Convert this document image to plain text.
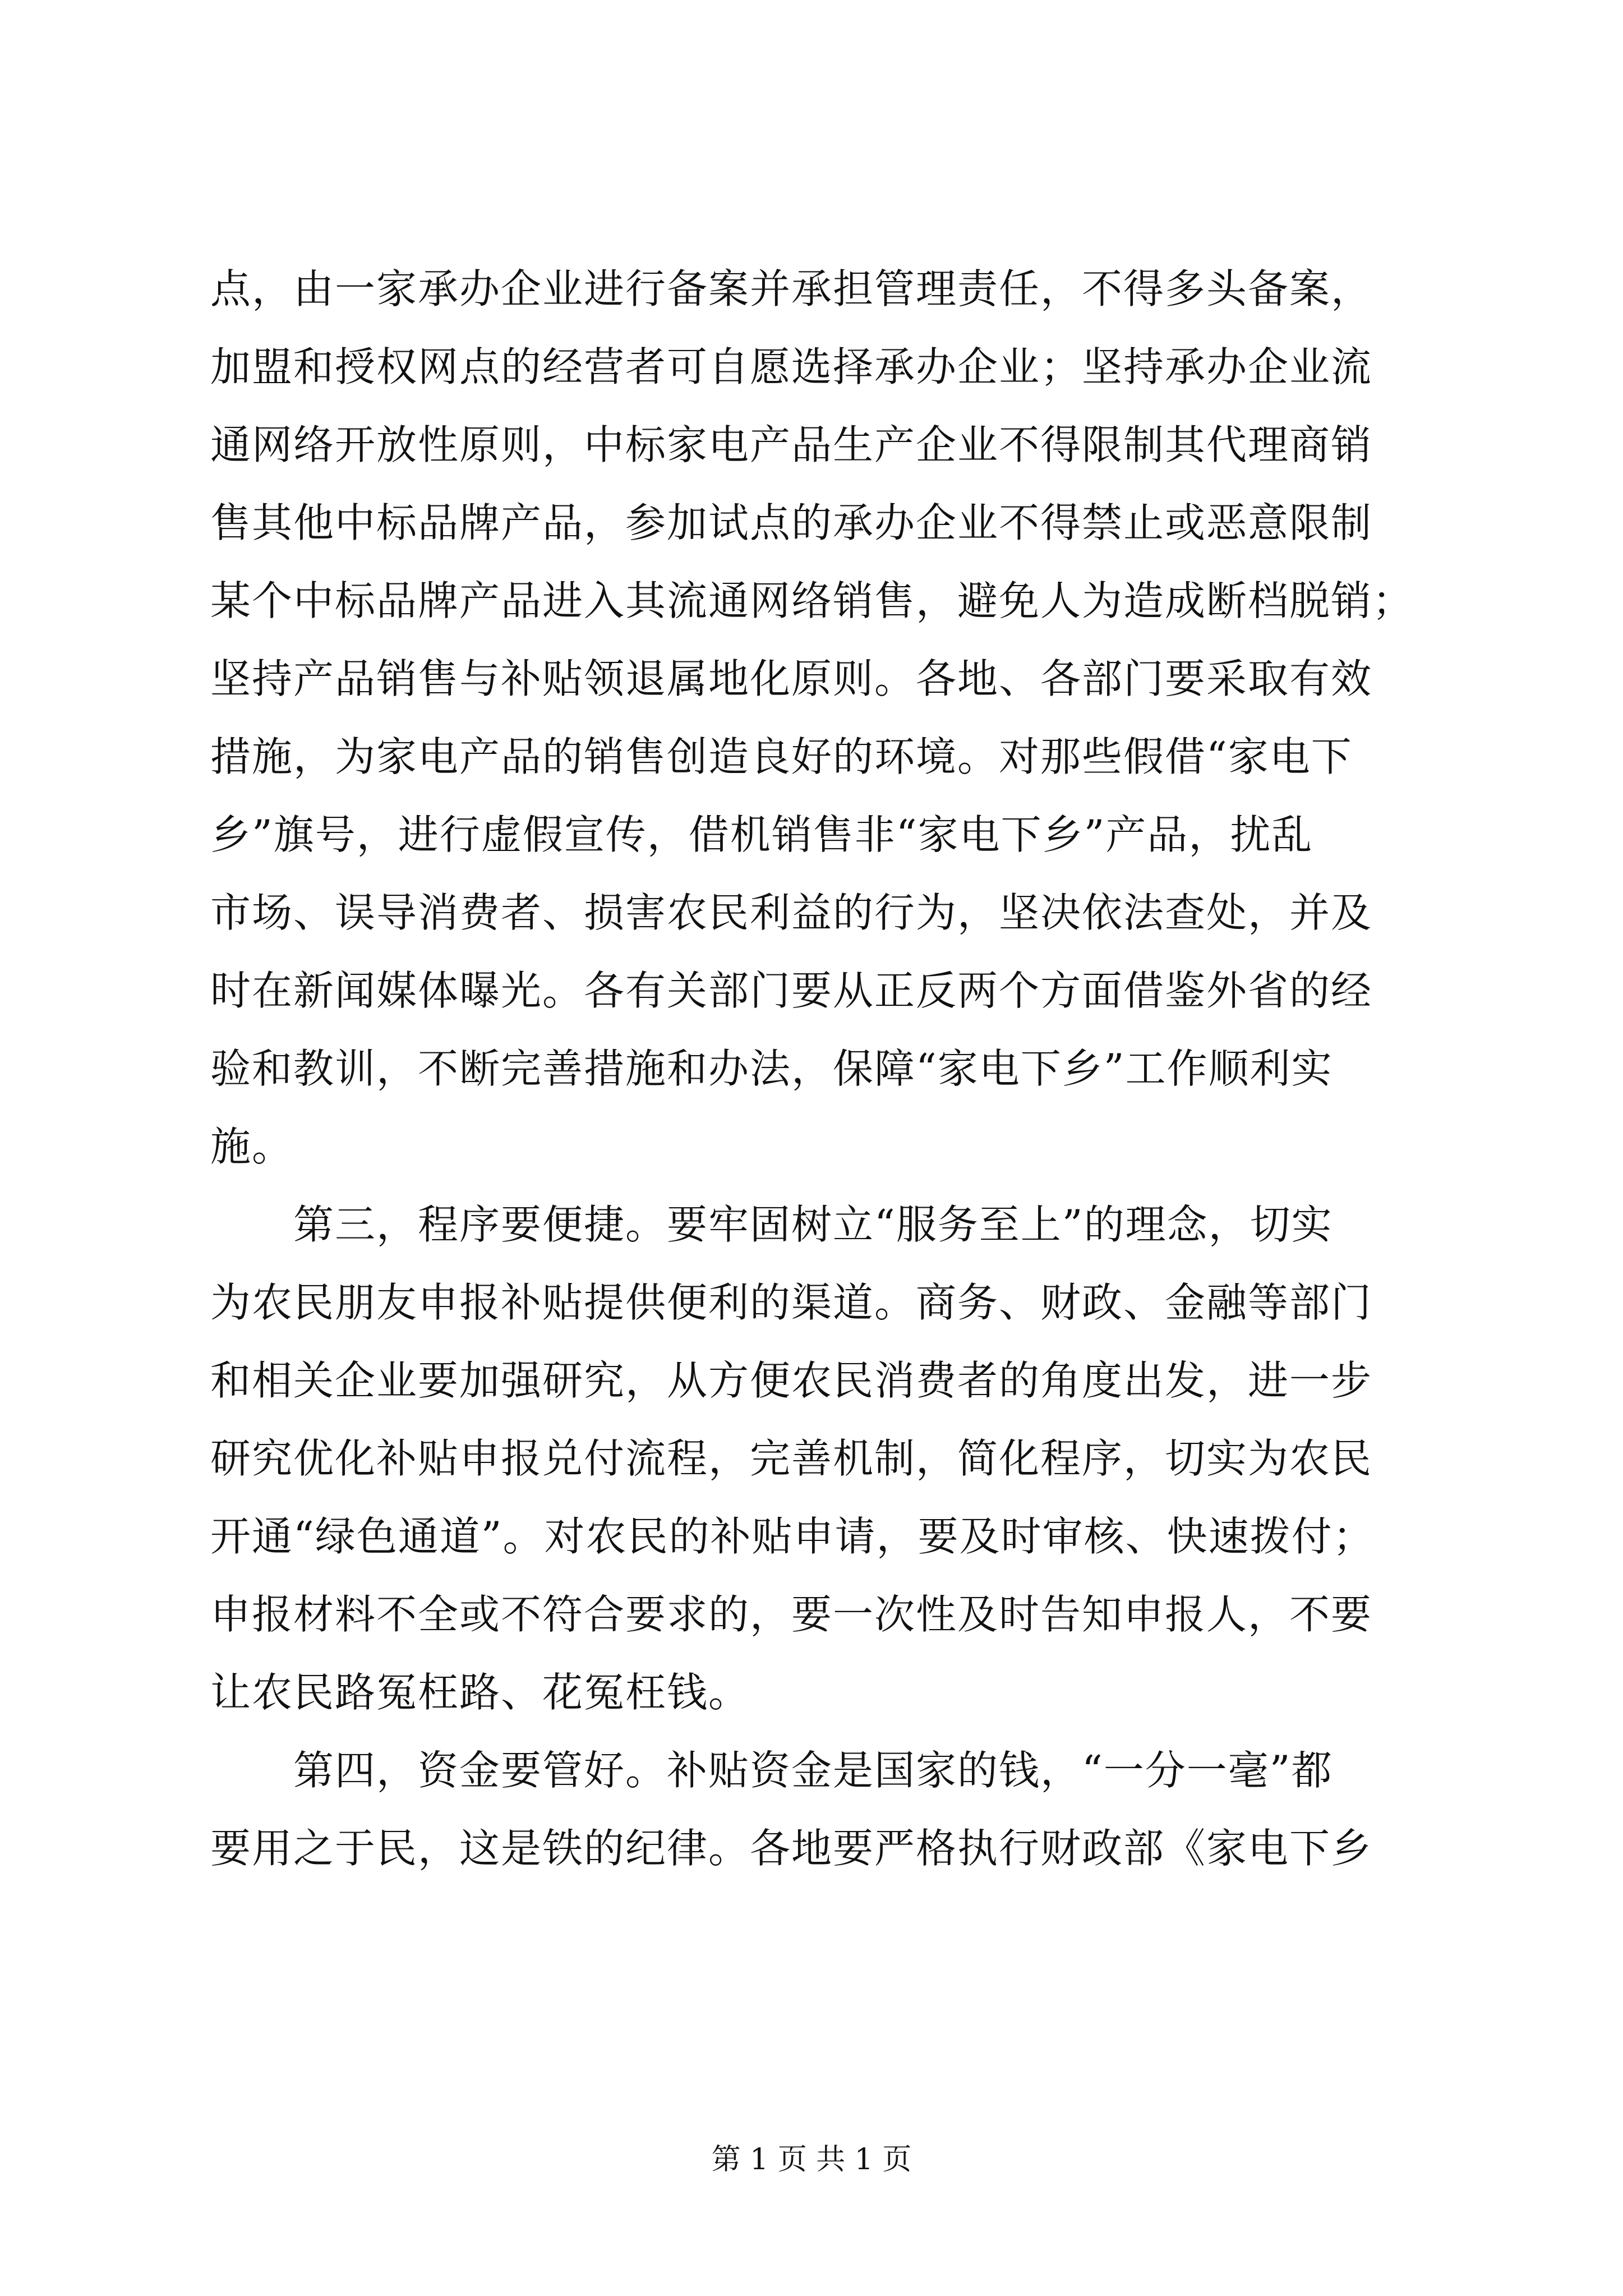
点，由一家承办企业进行备案并承担管理责任，不得多头备案，
加盟和授权网点的经营者可自愿选择承办企业；坚持承办企业流
通网络开放性原则，中标家电产品生产企业不得限制其代理商销
售其他中标品牌产品，参加试点的承办企业不得禁止或恶意限制
某个中标品牌产品进入其流通网络销售，避免人为造成断档脱销；
坚持产品销售与补贴领退属地化原则。各地、各部门要采取有效
措施，为家电产品的销售创造良好的环境。对那些假借“家电下
乡”旗号，进行虚假宣传，借机销售非“家电下乡”产品，扰乱
市场、误导消费者、损害农民利益的行为，坚决依法查处，并及
时在新闻媒体曝光。各有关部门要从正反两个方面借鉴外省的经
验和教训，不断完善措施和办法，保障“家电下乡”工作顺利实
施。
　　第三，程序要便捷。要牢固树立“服务至上”的理念，切实
为农民朋友申报补贴提供便利的渠道。商务、财政、金融等部门
和相关企业要加强研究，从方便农民消费者的角度出发，进一步
研究优化补贴申报兑付流程，完善机制，简化程序，切实为农民
开通“绿色通道”。对农民的补贴申请，要及时审核、快速拨付；
申报材料不全或不符合要求的，要一次性及时告知申报人，不要
让农民路冤枉路、花冤枉钱。
　　第四，资金要管好。补贴资金是国家的钱，“一分一毫”都
要用之于民，这是铁的纪律。各地要严格执行财政部《家电下乡
第 1 页 共 1 页
